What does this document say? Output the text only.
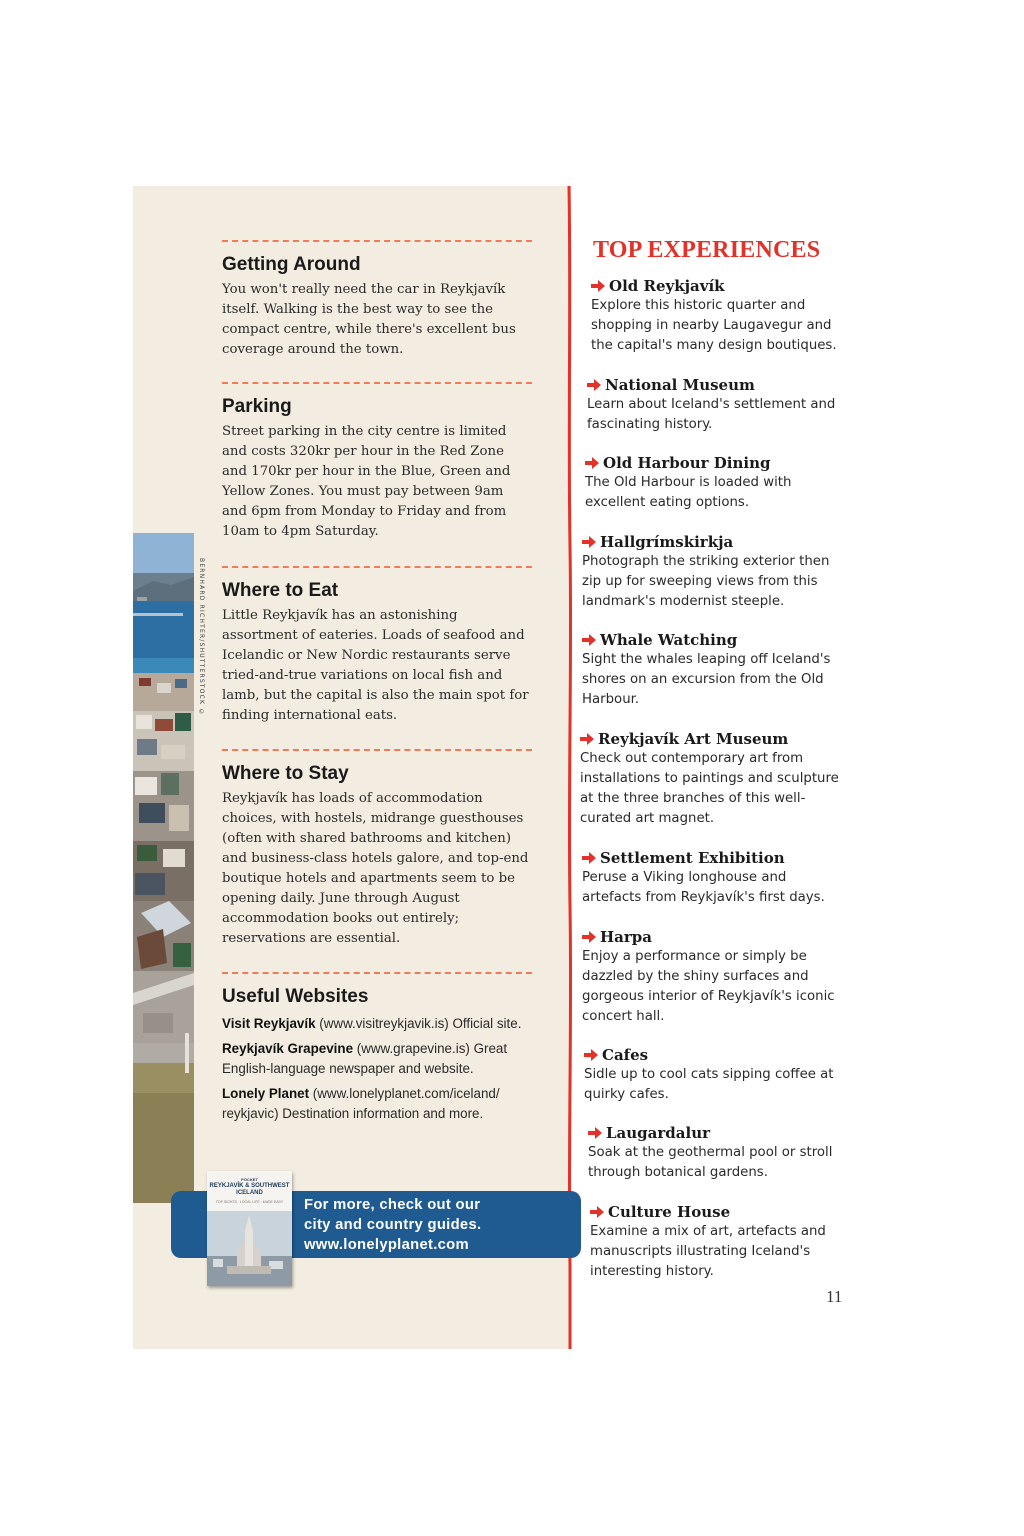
BERNHARD RICHTER/SHUTTERSTOCK ©
Getting Around

You won't really need the car in Reykjavík itself. Walking is the best way to see the compact centre, while there's excellent bus coverage around the town.

Parking

Street parking in the city centre is limited and costs 320kr per hour in the Red Zone and 170kr per hour in the Blue, Green and Yellow Zones. You must pay between 9am and 6pm from Monday to Friday and from 10am to 4pm Saturday.

Where to Eat

Little Reykjavík has an astonishing assortment of eateries. Loads of seafood and Icelandic or New Nordic restaurants serve tried-and-true variations on local fish and lamb, but the capital is also the main spot for finding international eats.

Where to Stay

Reykjavík has loads of accommodation choices, with hostels, midrange guesthouses (often with shared bathrooms and kitchen) and business-class hotels galore, and top-end boutique hotels and apartments seem to be opening daily. June through August accommodation books out entirely; reservations are essential.

Useful Websites

Visit Reykjavík (www.visitreykjavik.is) Official site.

Reykjavík Grapevine (www.grapevine.is) Great English-language newspaper and website.

Lonely Planet (www.lonelyplanet.com/iceland/ reykjavic) Destination information and more.

POCKET
REYKJAVÍK & SOUTHWEST ICELAND
TOP SIGHTS · LOCAL LIFE · MADE EASY	For more, check out our
city and country guides.
www.lonelyplanet.com
TOP EXPERIENCES
Old Reykjavík
Explore this historic quarter and shopping in nearby Laugavegur and the capital's many design boutiques.
National Museum
Learn about Iceland's settlement and fascinating history.
Old Harbour Dining
The Old Harbour is loaded with excellent eating options.
Hallgrímskirkja
Photograph the striking exterior then zip up for sweeping views from this landmark's modernist steeple.
Whale Watching
Sight the whales leaping off Iceland's shores on an excursion from the Old Harbour.
Reykjavík Art Museum
Check out contemporary art from installations to paintings and sculpture at the three branches of this well-curated art magnet.
Settlement Exhibition
Peruse a Viking longhouse and artefacts from Reykjavík's first days.
Harpa
Enjoy a performance or simply be dazzled by the shiny surfaces and gorgeous interior of Reykjavík's iconic concert hall.
Cafes
Sidle up to cool cats sipping coffee at quirky cafes.
Laugardalur
Soak at the geothermal pool or stroll through botanical gardens.
Culture House
Examine a mix of art, artefacts and manuscripts illustrating Iceland's interesting history.
11
